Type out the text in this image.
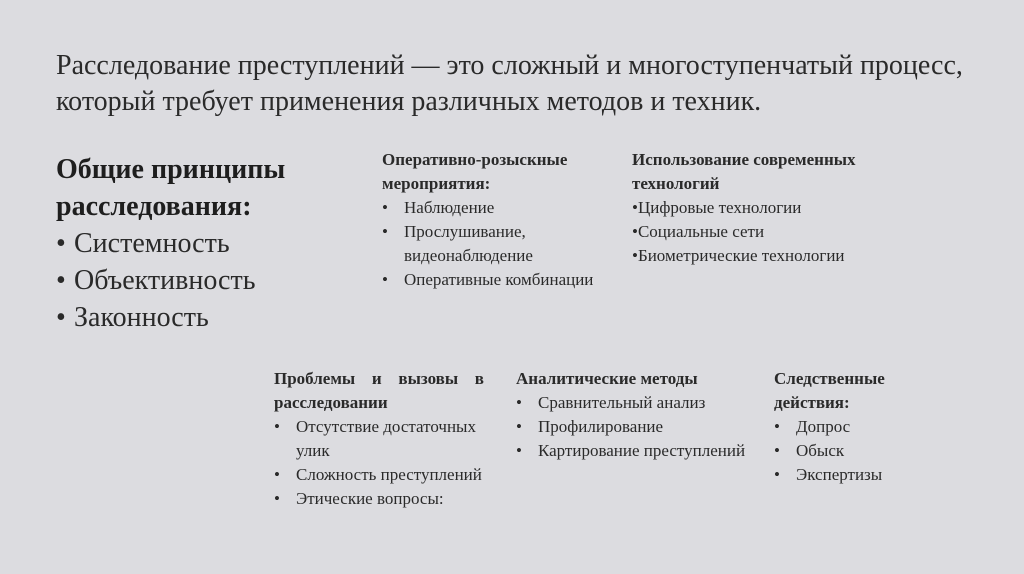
Расследование преступлений — это сложный и многоступенчатый процесс, который требует применения различных методов и техник.
Общие принципы расследования:
• Системность
• Объективность
• Законность
Оперативно-розыскные мероприятия:
• Наблюдение
• Прослушивание, видеонаблюдение
• Оперативные комбинации
Использование современных технологий
•Цифровые технологии
•Социальные сети
•Биометрические технологии
Проблемы и вызовы в расследовании
• Отсутствие достаточных улик
• Сложность преступлений
• Этические вопросы:
Аналитические методы
• Сравнительный анализ
• Профилирование
• Картирование преступлений
Следственные действия:
• Допрос
• Обыск
• Экспертизы
